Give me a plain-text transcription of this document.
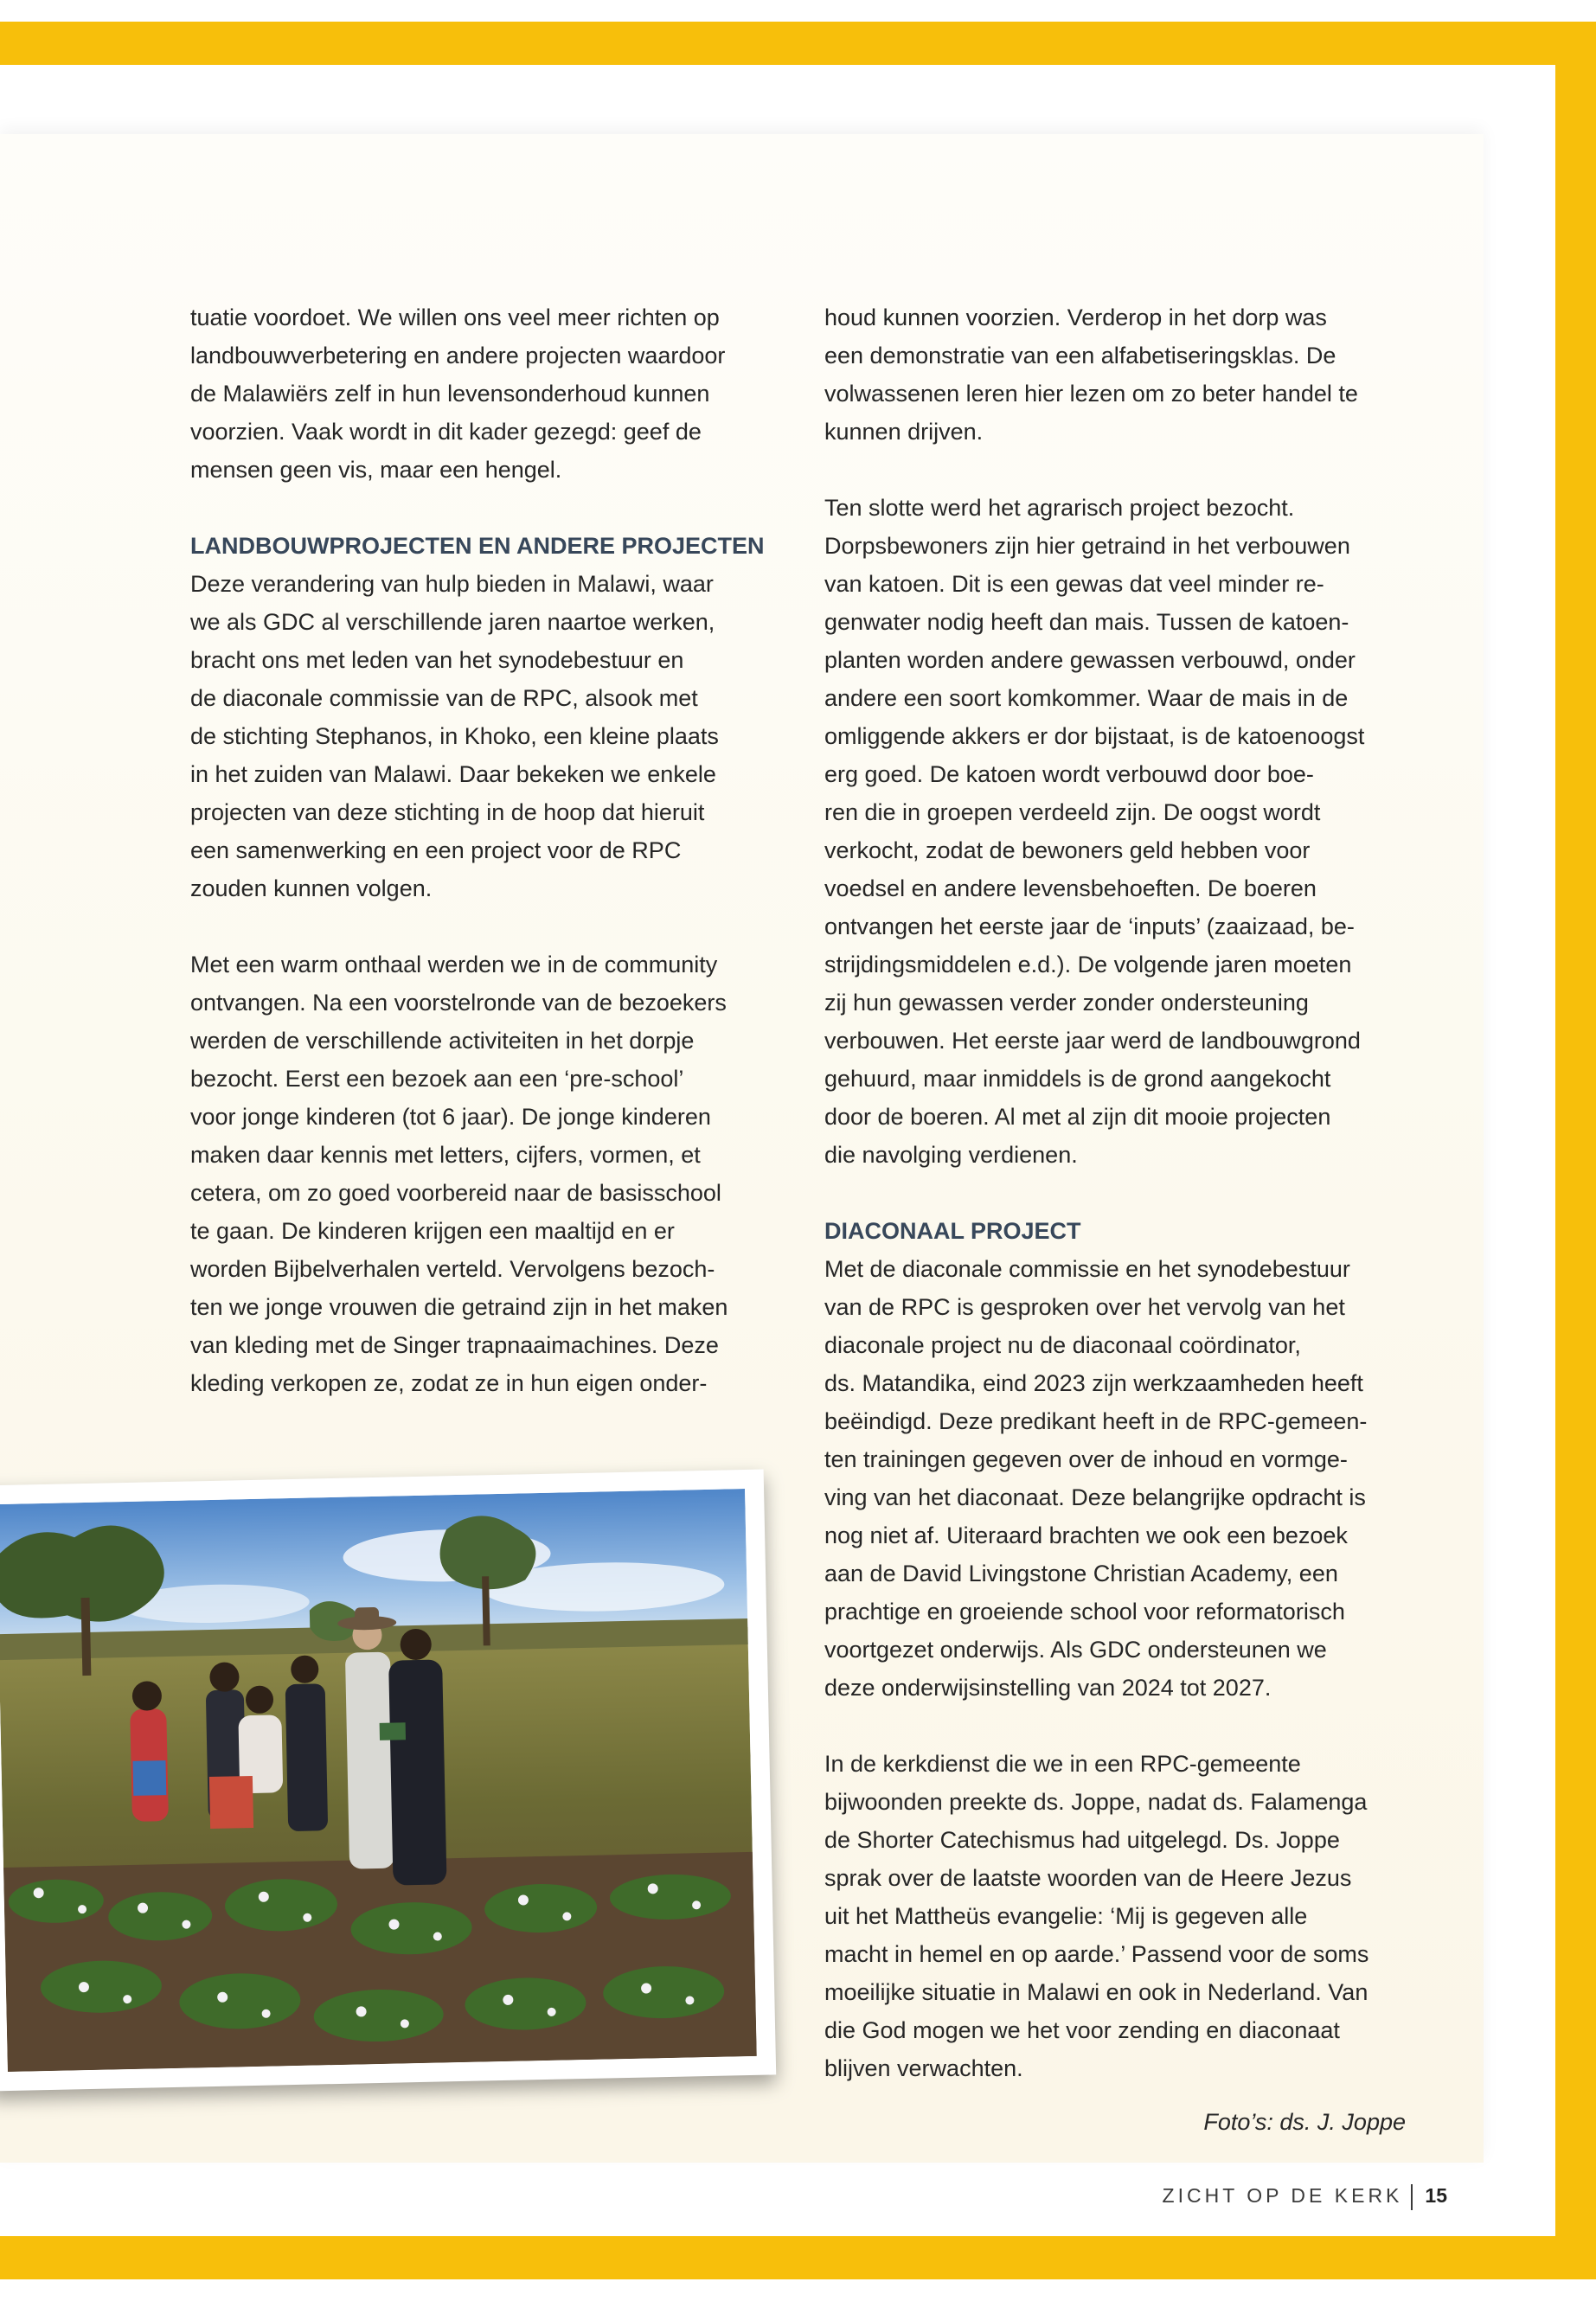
tuatie voordoet. We willen ons veel meer richten op
landbouwverbetering en andere projecten waardoor
de Malawiërs zelf in hun levensonderhoud kunnen
voorzien. Vaak wordt in dit kader gezegd: geef de
mensen geen vis, maar een hengel.

LANDBOUWPROJECTEN EN ANDERE PROJECTEN
Deze verandering van hulp bieden in Malawi, waar
we als GDC al verschillende jaren naartoe werken,
bracht ons met leden van het synodebestuur en
de diaconale commissie van de RPC, alsook met
de stichting Stephanos, in Khoko, een kleine plaats
in het zuiden van Malawi. Daar bekeken we enkele
projecten van deze stichting in de hoop dat hieruit
een samenwerking en een project voor de RPC
zouden kunnen volgen.

Met een warm onthaal werden we in de community
ontvangen. Na een voorstelronde van de bezoekers
werden de verschillende activiteiten in het dorpje
bezocht. Eerst een bezoek aan een ‘pre-school’
voor jonge kinderen (tot 6 jaar). De jonge kinderen
maken daar kennis met letters, cijfers, vormen, et
cetera, om zo goed voorbereid naar de basisschool
te gaan. De kinderen krijgen een maaltijd en er
worden Bijbelverhalen verteld. Vervolgens bezoch-
ten we jonge vrouwen die getraind zijn in het maken
van kleding met de Singer trapnaaimachines. Deze
kleding verkopen ze, zodat ze in hun eigen onder-

houd kunnen voorzien. Verderop in het dorp was
een demonstratie van een alfabetiseringsklas. De
volwassenen leren hier lezen om zo beter handel te
kunnen drijven.

Ten slotte werd het agrarisch project bezocht.
Dorpsbewoners zijn hier getraind in het verbouwen
van katoen. Dit is een gewas dat veel minder re-
genwater nodig heeft dan mais. Tussen de katoen-
planten worden andere gewassen verbouwd, onder
andere een soort komkommer. Waar de mais in de
omliggende akkers er dor bijstaat, is de katoenoogst
erg goed. De katoen wordt verbouwd door boe-
ren die in groepen verdeeld zijn. De oogst wordt
verkocht, zodat de bewoners geld hebben voor
voedsel en andere levensbehoeften. De boeren
ontvangen het eerste jaar de ‘inputs’ (zaaizaad, be-
strijdingsmiddelen e.d.). De volgende jaren moeten
zij hun gewassen verder zonder ondersteuning
verbouwen. Het eerste jaar werd de landbouwgrond
gehuurd, maar inmiddels is de grond aangekocht
door de boeren. Al met al zijn dit mooie projecten
die navolging verdienen.

DIACONAAL PROJECT
Met de diaconale commissie en het synodebestuur
van de RPC is gesproken over het vervolg van het
diaconale project nu de diaconaal coördinator,
ds. Matandika, eind 2023 zijn werkzaamheden heeft
beëindigd. Deze predikant heeft in de RPC-gemeen-
ten trainingen gegeven over de inhoud en vormge-
ving van het diaconaat. Deze belangrijke opdracht is
nog niet af. Uiteraard brachten we ook een bezoek
aan de David Livingstone Christian Academy, een
prachtige en groeiende school voor reformatorisch
voortgezet onderwijs. Als GDC ondersteunen we
deze onderwijsinstelling van 2024 tot 2027.

In de kerkdienst die we in een RPC-gemeente
bijwoonden preekte ds. Joppe, nadat ds. Falamenga
de Shorter Catechismus had uitgelegd. Ds. Joppe
sprak over de laatste woorden van de Heere Jezus
uit het Mattheüs evangelie: ‘Mij is gegeven alle
macht in hemel en op aarde.’ Passend voor de soms
moeilijke situatie in Malawi en ook in Nederland. Van
die God mogen we het voor zending en diaconaat
blijven verwachten.

Foto’s: ds. J. Joppe
ZICHT OP DE KERK 15
